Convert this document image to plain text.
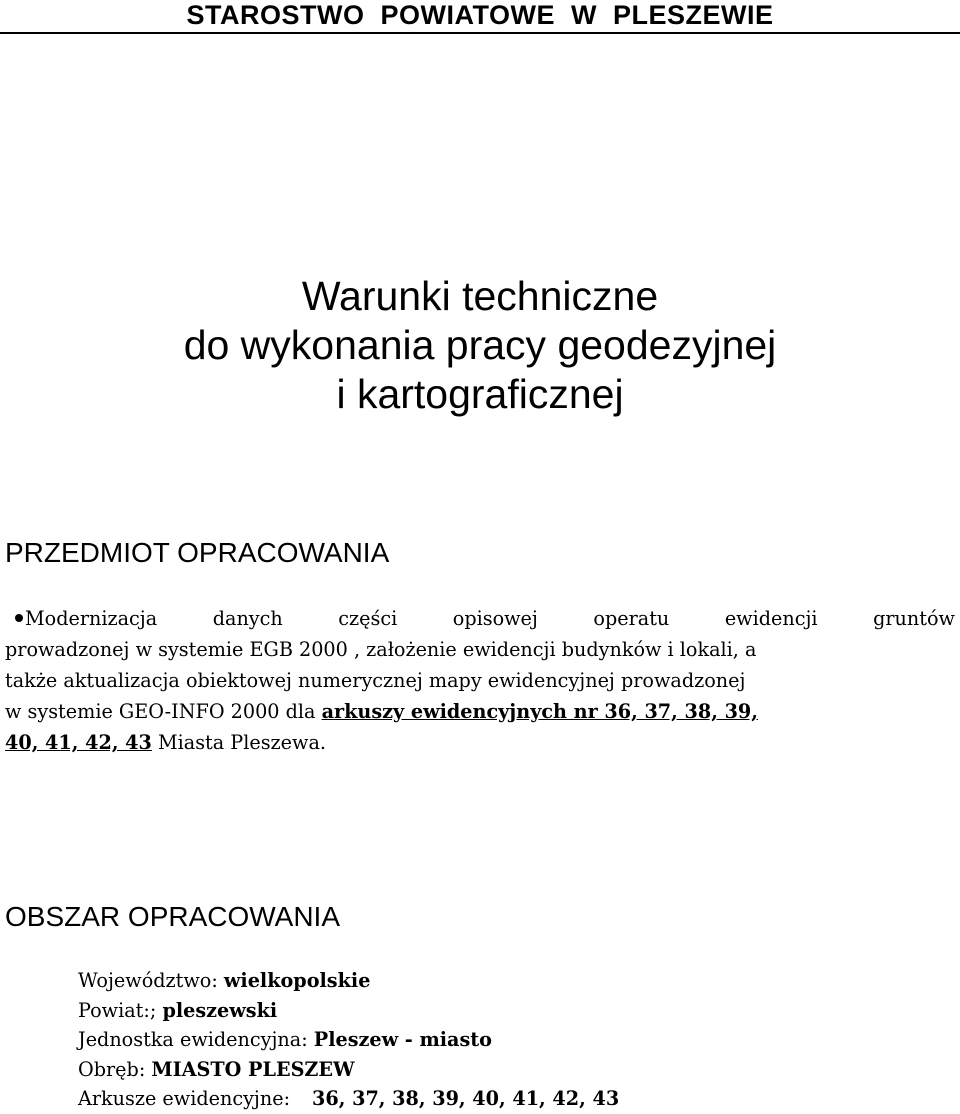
STAROSTWO POWIATOWE W PLESZEWIE
Warunki techniczne
do wykonania pracy geodezyjnej
i kartograficznej
PRZEDMIOT OPRACOWANIA
Modernizacja	danych	części	opisowej	operatu	ewidencji	gruntów
prowadzonej w systemie EGB 2000 , założenie ewidencji budynków i lokali, a
także aktualizacja obiektowej numerycznej mapy ewidencyjnej prowadzonej
w systemie GEO-INFO 2000 dla arkuszy ewidencyjnych nr 36, 37, 38, 39,
40, 41, 42, 43 Miasta Pleszewa.
OBSZAR OPRACOWANIA
Województwo: wielkopolskie
Powiat:; pleszewski
Jednostka ewidencyjna: Pleszew - miasto
Obręb: MIASTO PLESZEW
Arkusze ewidencyjne: 36, 37, 38, 39, 40, 41, 42, 43
